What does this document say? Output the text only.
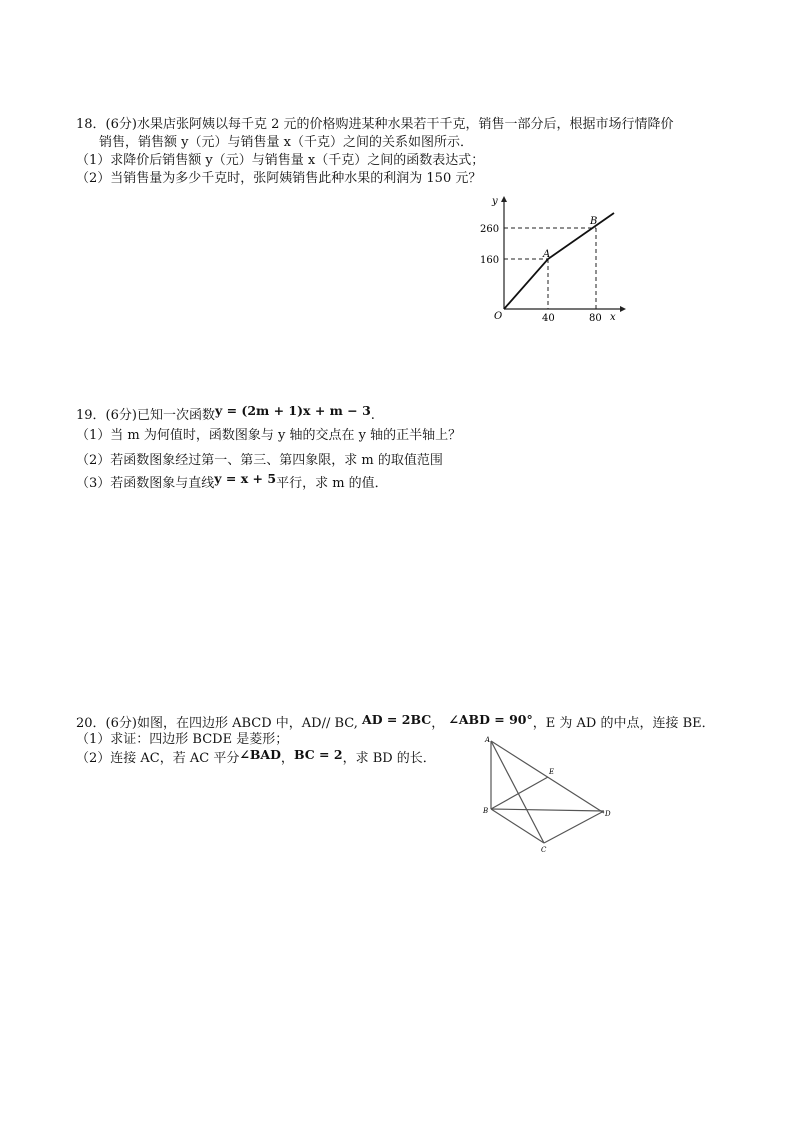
18．(6分)水果店张阿姨以每千克 2 元的价格购进某种水果若干千克，销售一部分后，根据市场行情降价
销售，销售额 y（元）与销售量 x（千克）之间的关系如图所示．
（1）求降价后销售额 y（元）与销售量 x（千克）之间的函数表达式；
（2）当销售量为多少千克时，张阿姨销售此种水果的利润为 150 元？
y
x
O
260
160
40	80
A
B
19．(6分)已知一次函数y = (2m + 1)x + m − 3.
（1）当 m 为何值时，函数图象与 y 轴的交点在 y 轴的正半轴上？
（2）若函数图象经过第一、第三、第四象限，求 m 的取值范围
（3）若函数图象与直线y = x + 5平行，求 m 的值．
20．(6分)如图，在四边形 ABCD 中，AD// BC, AD = 2BC， ∠ABD = 90°，E 为 AD 的中点，连接 BE．
（1）求证：四边形 BCDE 是菱形；
（2）连接 AC，若 AC 平分∠BAD，BC = 2，求 BD 的长．
A
B
C
D
E
